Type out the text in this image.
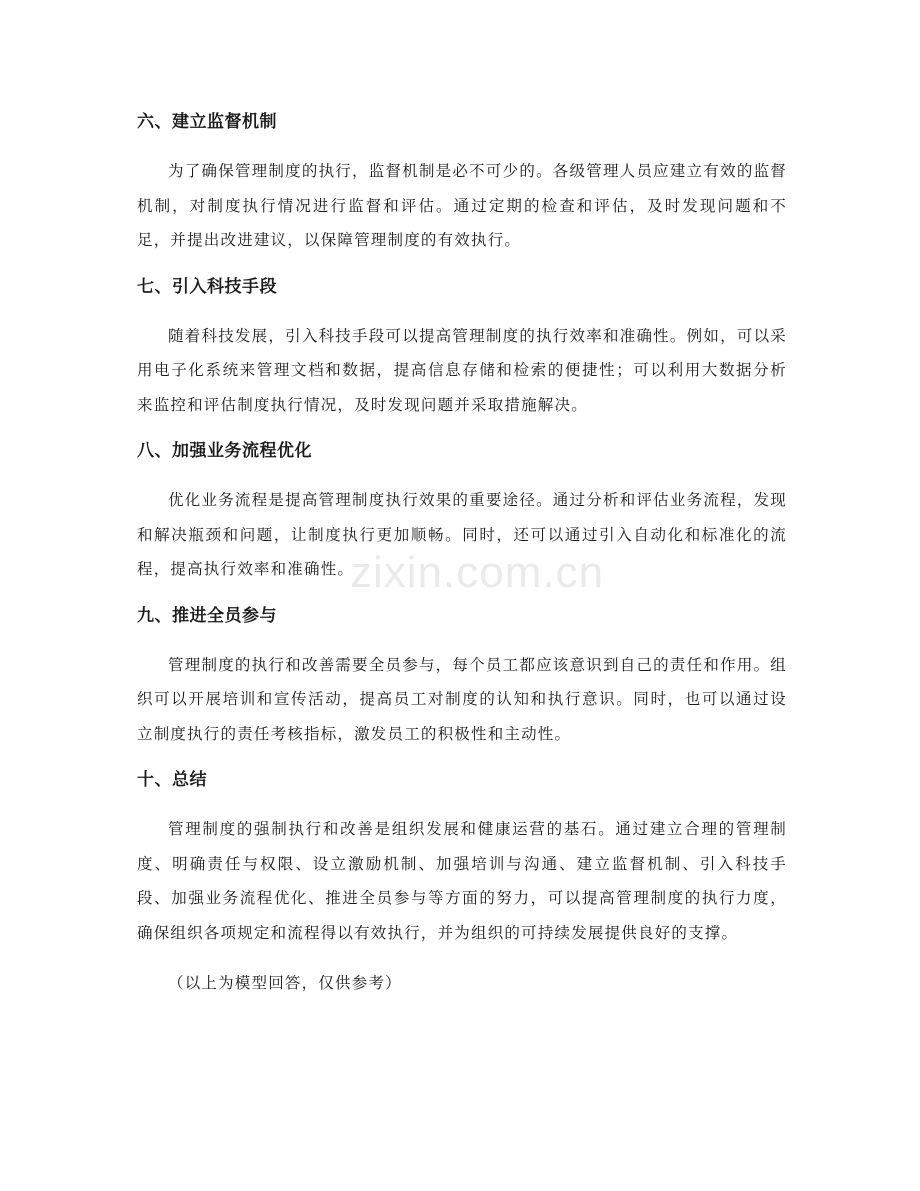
六、建立监督机制

为了确保管理制度的执行，监督机制是必不可少的。各级管理人员应建立有效的监督机制，对制度执行情况进行监督和评估。通过定期的检查和评估，及时发现问题和不足，并提出改进建议，以保障管理制度的有效执行。

七、引入科技手段

随着科技发展，引入科技手段可以提高管理制度的执行效率和准确性。例如，可以采用电子化系统来管理文档和数据，提高信息存储和检索的便捷性；可以利用大数据分析来监控和评估制度执行情况，及时发现问题并采取措施解决。

八、加强业务流程优化

优化业务流程是提高管理制度执行效果的重要途径。通过分析和评估业务流程，发现和解决瓶颈和问题，让制度执行更加顺畅。同时，还可以通过引入自动化和标准化的流程，提高执行效率和准确性。

九、推进全员参与

管理制度的执行和改善需要全员参与，每个员工都应该意识到自己的责任和作用。组织可以开展培训和宣传活动，提高员工对制度的认知和执行意识。同时，也可以通过设立制度执行的责任考核指标，激发员工的积极性和主动性。

十、总结

管理制度的强制执行和改善是组织发展和健康运营的基石。通过建立合理的管理制度、明确责任与权限、设立激励机制、加强培训与沟通、建立监督机制、引入科技手段、加强业务流程优化、推进全员参与等方面的努力，可以提高管理制度的执行力度，确保组织各项规定和流程得以有效执行，并为组织的可持续发展提供良好的支撑。

（以上为模型回答，仅供参考）

zixin.com.cn
